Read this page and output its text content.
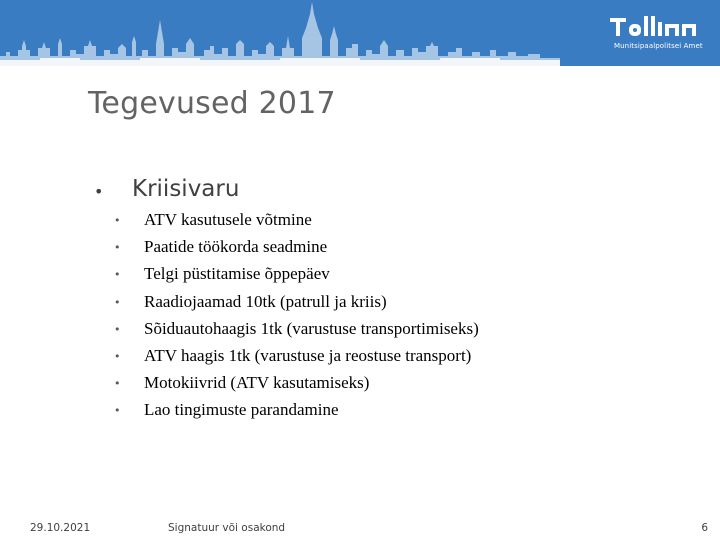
Munitsipaalpolitsei Amet
Tegevused 2017
• Kriisivaru
• ATV kasutusele võtmine
• Paatide töökorda seadmine
• Telgi püstitamise õppepäev
• Raadiojaamad 10tk (patrull ja kriis)
• Sõiduautohaagis 1tk (varustuse transportimiseks)
• ATV haagis 1tk (varustuse ja reostuse transport)
• Motokiivrid (ATV kasutamiseks)
• Lao tingimuste parandamine
29.10.2021	Signatuur või osakond	6
